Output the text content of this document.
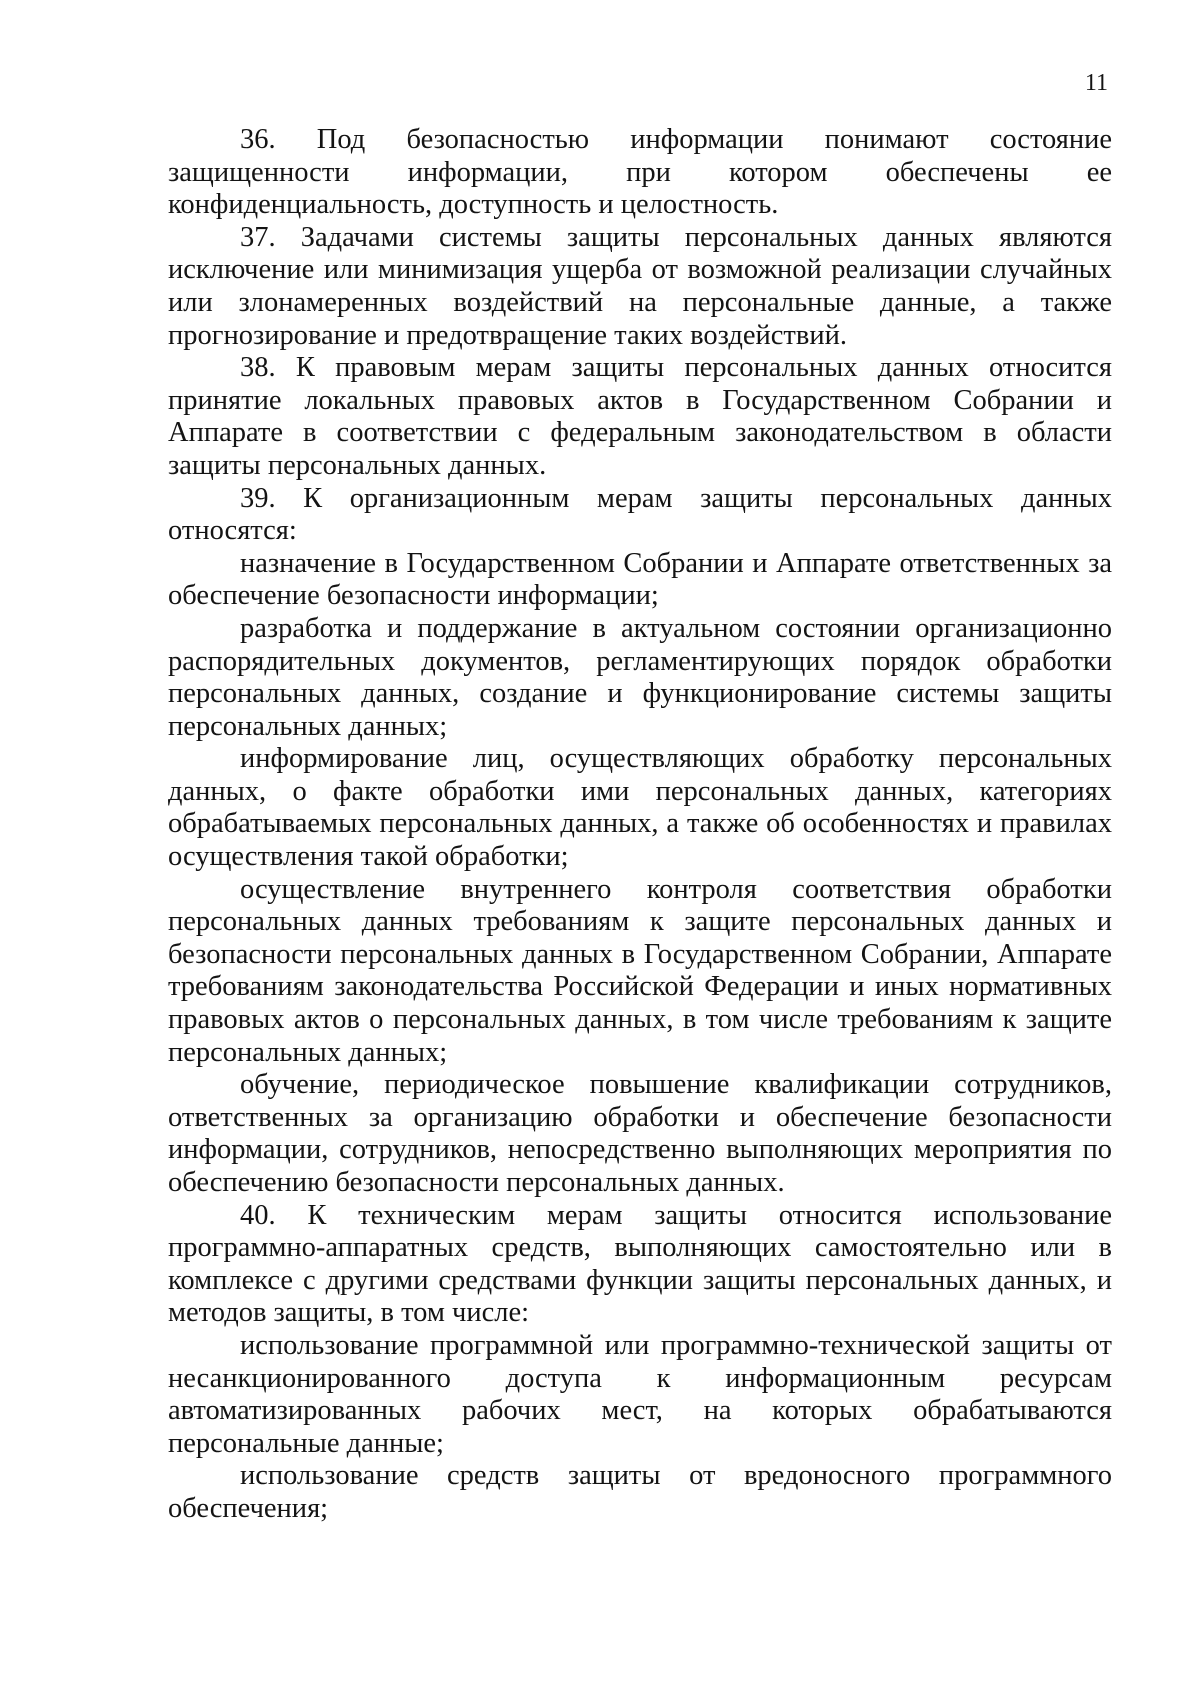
11

36. Под безопасностью информации понимают состояние защищенности информации, при котором обеспечены ее конфиденциальность, доступность и целостность.

37. Задачами системы защиты персональных данных являются исключение или минимизация ущерба от возможной реализации случайных или злонамеренных воздействий на персональные данные, а также прогнозирование и предотвращение таких воздействий.

38. К правовым мерам защиты персональных данных относится принятие локальных правовых актов в Государственном Собрании и Аппарате в соответствии с федеральным законодательством в области защиты персональных данных.

39. К организационным мерам защиты персональных данных относятся:

назначение в Государственном Собрании и Аппарате ответственных за обеспечение безопасности информации;

разработка и поддержание в актуальном состоянии организационно распорядительных документов, регламентирующих порядок обработки персональных данных, создание и функционирование системы защиты персональных данных;

информирование лиц, осуществляющих обработку персональных данных, о факте обработки ими персональных данных, категориях обрабатываемых персональных данных, а также об особенностях и правилах осуществления такой обработки;

осуществление внутреннего контроля соответствия обработки персональных данных требованиям к защите персональных данных и безопасности персональных данных в Государственном Собрании, Аппарате требованиям законодательства Российской Федерации и иных нормативных правовых актов о персональных данных, в том числе требованиям к защите персональных данных;

обучение, периодическое повышение квалификации сотрудников, ответственных за организацию обработки и обеспечение безопасности информации, сотрудников, непосредственно выполняющих мероприятия по обеспечению безопасности персональных данных.

40. К техническим мерам защиты относится использование программно-аппаратных средств, выполняющих самостоятельно или в комплексе с другими средствами функции защиты персональных данных, и методов защиты, в том числе:

использование программной или программно-технической защиты от несанкционированного доступа к информационным ресурсам автоматизированных рабочих мест, на которых обрабатываются персональные данные;

использование средств защиты от вредоносного программного обеспечения;
